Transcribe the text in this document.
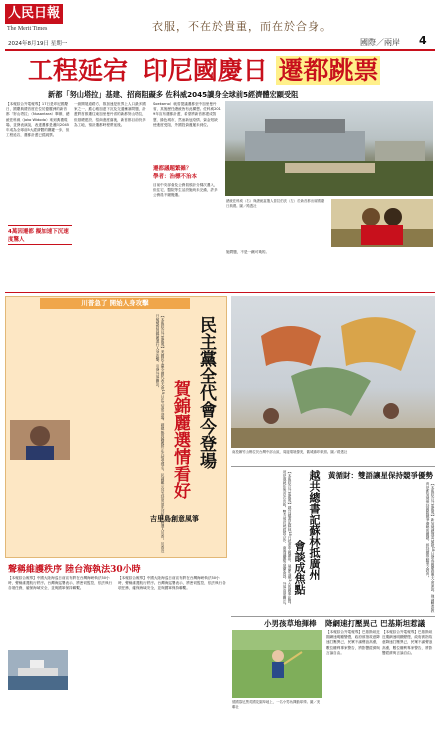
人民日報
The Merit Times
2024年8月19日 星期一
衣服，不在於貴重，而在於合身。
國際／兩岸 4
工程延宕 印尼國慶日 遷都跳票
新都「努山塔拉」基建、招商阻礙多 佐科威2045讀身全球前5經濟體宏願受阻
【本報綜合外電報導】17日是印尼國慶日，國慶典禮首度在位於婆羅洲的新首都「努山塔拉」（Nusantara）舉辦，總統佐科威（Joko Widodo）來到典禮現場，並發表演說，表達遷都是邁向2045年成為全球前5大經濟體的關鍵一步，但工程延宕，遷都計畫已經跳票。
一級開展道路方，推加速是世界上人口最多國家之一，擔心雅加達下沉及交通壅塞問題，計畫將首都遷往東加里曼丹省的新都努山塔拉，但基礎建設、招商進度落後，新首都目前仍多為工地，預計遷都時程將延後。
Soekarno）就曾提議遷都至中加里曼丹省，其後歷任總統皆有此構想。佐科威2019年宣布遷都計畫，希望將新首都建成智慧、綠色城市，然而新冠疫情、資金短缺使進度受阻，外國投資遲遲未到位。
遷都議題繁雜？
學者：治標不治本
目前中央部會及公務員預計分梯次遷入，但住宅、醫院等生活設施尚未完備，許多公務員不願搬遷。
4萬因遷都 擬加速下沉速度驚人
總統佐科威（右）與總統當選人普拉伯沃（左）於新首都出席國慶日典禮。圖／路透社
施問題，不是一蹴可幾的。
川普急了 開始人身攻擊
民主黨全代會今登場
賀錦麗選情看好
【本報綜合外電報導】美國民主黨全國代表大會19日在芝加哥登場，副總統賀錦麗將正式接受提名，民調顯示其支持度領先共和黨候選人川普。川普近日頻頻對賀錦麗進行人身攻擊，引發外界關注。
聲稱維護秩序 陸台海執法30小時
【本報綜合報導】中國大陸海巡日前宣布將在台灣海峽執法30小時，聲稱維護航行秩序。台灣海巡署表示，將密切監控，依法執行各項任務，確保海域安全，並與國軍保持聯繫。
【本報綜合報導】中國大陸海巡日前宣布將在台灣海峽執法30小時，聲稱維護航行秩序。台灣海巡署表示，將密切監控，依法執行各項任務，確保海域安全，並與國軍保持聯繫。
南投縣竹山鄉位於台灣中部山區，周邊環境優美，舊城鎮印象照。圖／路透社
吉里島創意風箏	越共總書記蘇林抵廣州
會談成焦點
【本報綜合外電報導】越共總書記蘇林18日抵達中國廣州，展開為期3天的國事訪問，這是他就任後首次出訪。雙方預計就經貿合作、南海議題等展開會談，外界高度關注。	黃循財：雙語讓星保持競爭優勢
【本報綜合外電報導】新加坡總理黃循財18日發表國慶群眾大會演說，強調雙語教育是新加坡保持國際競爭優勢的關鍵，將持續推動華文教育。
小男孩草地揮棒
德國慕尼黑英國花園草地上，一名小男孩揮動球棒。圖／美聯社
降網速打壓異己 巴基斯坦惹議
【本報綜合外電報導】巴基斯坦近期網速明顯變慢，政府被指故意降速打壓異己，民眾不滿聲浪高漲，數位權利專家警告，將影響經濟與言論自由。
【本報綜合外電報導】巴基斯坦近期網速明顯變慢，政府被指故意降速打壓異己，民眾不滿聲浪高漲，數位權利專家警告，將影響經濟與言論自由。
